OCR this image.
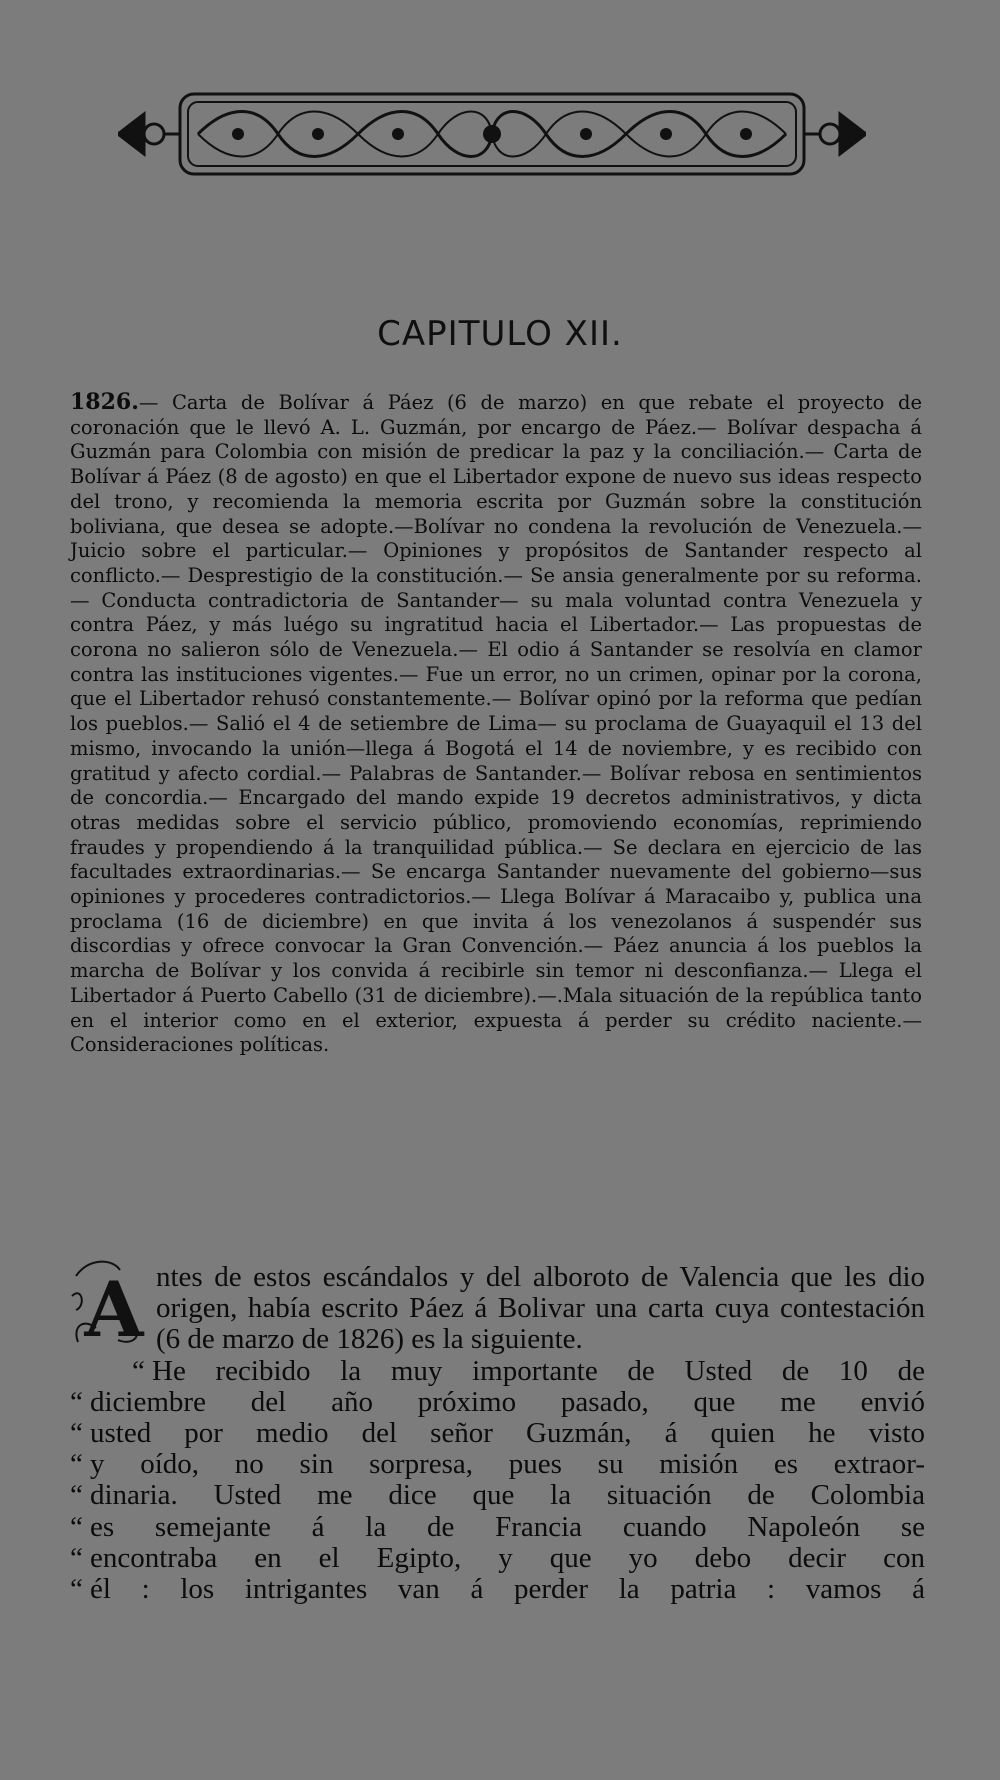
CAPITULO XII.
1826.— Carta de Bolívar á Páez (6 de marzo) en que rebate el proyecto de coronación que le llevó A. L. Guzmán, por encargo de Páez.— Bolívar despacha á Guzmán para Colombia con misión de predicar la paz y la conciliación.— Carta de Bolívar á Páez (8 de agosto) en que el Libertador expone de nuevo sus ideas respecto del trono, y recomienda la memoria escrita por Guzmán sobre la constitución boliviana, que desea se adopte.—Bolívar no condena la revolución de Venezuela.— Juicio sobre el particular.— Opiniones y propósitos de Santander respecto al conflicto.— Desprestigio de la constitución.— Se ansia generalmente por su reforma.— Conducta contradictoria de Santander— su mala voluntad contra Venezuela y contra Páez, y más luégo su ingratitud hacia el Libertador.— Las propuestas de corona no salieron sólo de Venezuela.— El odio á Santander se resolvía en clamor contra las instituciones vigentes.— Fue un error, no un crimen, opinar por la corona, que el Libertador rehusó constantemente.— Bolívar opinó por la reforma que pedían los pueblos.— Salió el 4 de setiembre de Lima— su proclama de Guayaquil el 13 del mismo, invocando la unión—llega á Bogotá el 14 de noviembre, y es recibido con gratitud y afecto cordial.— Palabras de Santander.— Bolívar rebosa en sentimientos de concordia.— Encargado del mando expide 19 decretos administrativos, y dicta otras medidas sobre el servicio público, promoviendo economías, reprimiendo fraudes y propendiendo á la tranquilidad pública.— Se declara en ejercicio de las facultades extraordinarias.— Se encarga Santander nuevamente del gobierno—sus opiniones y procederes contradictorios.— Llega Bolívar á Maracaibo y, publica una proclama (16 de diciembre) en que invita á los venezolanos á suspendér sus discordias y ofrece convocar la Gran Convención.— Páez anuncia á los pueblos la marcha de Bolívar y los convida á recibirle sin temor ni desconfianza.— Llega el Libertador á Puerto Cabello (31 de diciembre).—.Mala situación de la república tanto en el interior como en el exterior, expuesta á perder su crédito naciente.— Consideraciones políticas.
A ntes de estos escándalos y del alboroto de Valencia que les dio origen, había escrito Páez á Bolivar una carta cuya contestación (6 de marzo de 1826) es la siguiente.

“ He recibido la muy importante de Usted de 10 de
“ diciembre del año próximo pasado, que me envió
“ usted por medio del señor Guzmán, á quien he visto
“ y oído, no sin sorpresa, pues su misión es extraor-
“ dinaria. Usted me dice que la situación de Colombia
“ es semejante á la de Francia cuando Napoleón se
“ encontraba en el Egipto, y que yo debo decir con
“ él : los intrigantes van á perder la patria : vamos á
